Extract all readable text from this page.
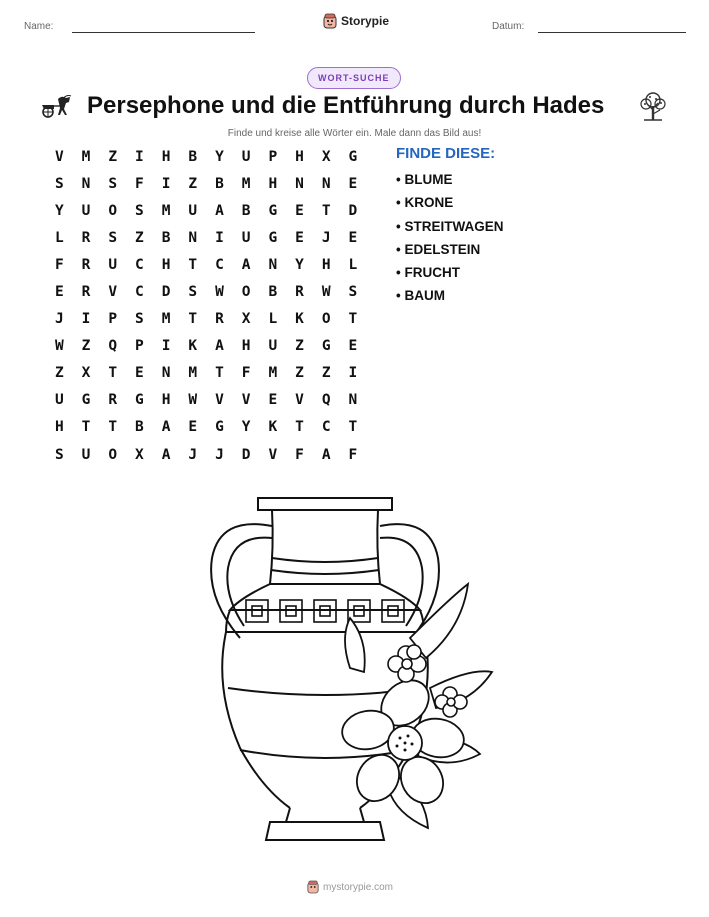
Name:	Storypie	Datum:
WORT-SUCHE
Persephone und die Entführung durch Hades
Finde und kreise alle Wörter ein. Male dann das Bild aus!
V	M	Z	I	H	B	Y	U	P	H	X	G
S	N	S	F	I	Z	B	M	H	N	N	E
Y	U	O	S	M	U	A	B	G	E	T	D
L	R	S	Z	B	N	I	U	G	E	J	E
F	R	U	C	H	T	C	A	N	Y	H	L
E	R	V	C	D	S	W	O	B	R	W	S
J	I	P	S	M	T	R	X	L	K	O	T
W	Z	Q	P	I	K	A	H	U	Z	G	E
Z	X	T	E	N	M	T	F	M	Z	Z	I
U	G	R	G	H	W	V	V	E	V	Q	N
H	T	T	B	A	E	G	Y	K	T	C	T
S	U	O	X	A	J	J	D	V	F	A	F
FINDE DIESE:
• BLUME
• KRONE
• STREITWAGEN
• EDELSTEIN
• FRUCHT
• BAUM
mystorypie.com
